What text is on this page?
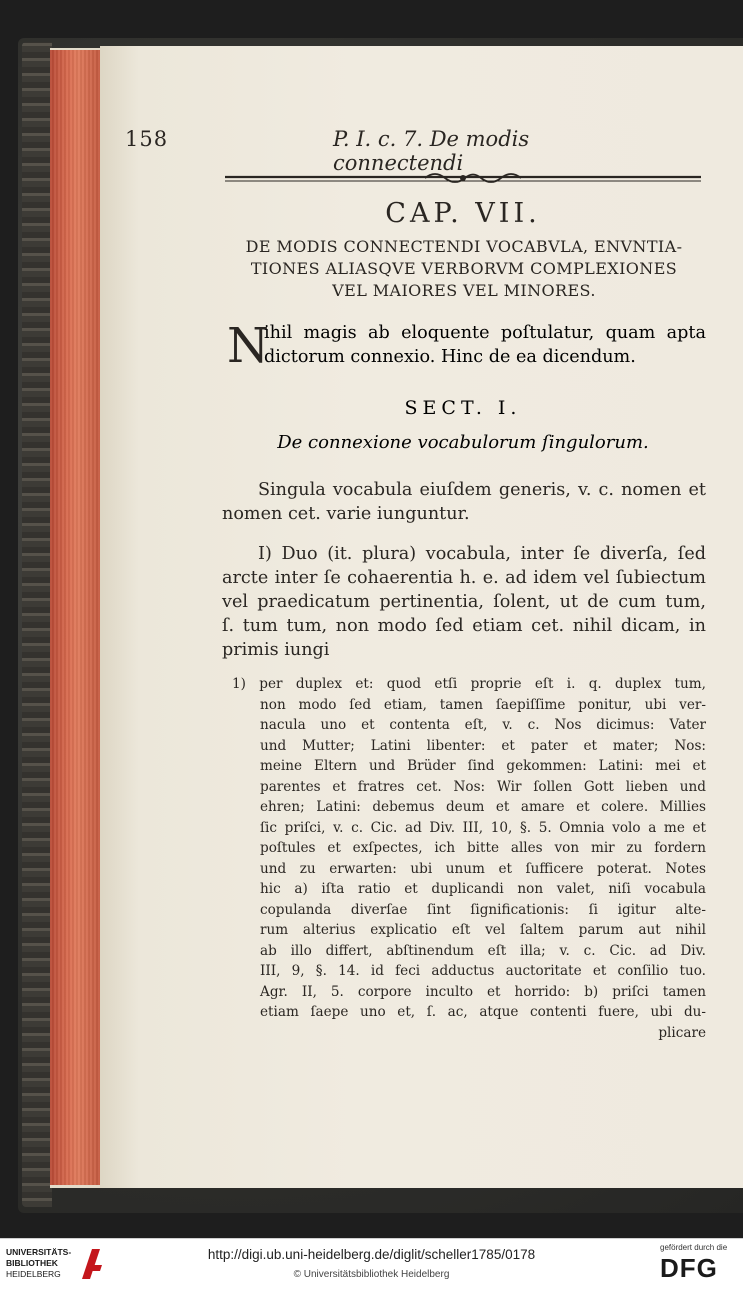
158	P. I. c. 7. De modis connectendi
CAP. VII.
DE MODIS CONNECTENDI VOCABVLA, ENVNTIA-
TIONES ALIASQVE VERBORVM COMPLEXIONES
VEL MAIORES VEL MINORES.
N
ihil magis ab eloquente poſtulatur, quam apta
dictorum connexio. Hinc de ea dicendum.
SECT. I.
De connexione vocabulorum ſingulorum.
Singula vocabula eiuſdem generis, v. c. nomen et
nomen cet. varie iunguntur.
I) Duo (it. plura) vocabula, inter ſe diverſa, ſed
arcte inter ſe cohaerentia h. e. ad idem vel ſubiectum
vel praedicatum pertinentia, ſolent, ut de cum tum,
ſ. tum tum, non modo ſed etiam cet. nihil dicam, in
primis iungi
1) per duplex et: quod etſi proprie eſt i. q. duplex tum,
non modo ſed etiam, tamen ſaepiſſime ponitur, ubi ver-
nacula uno et contenta eſt, v. c. Nos dicimus: Vater
und Mutter; Latini libenter: et pater et mater; Nos:
meine Eltern und Brüder ſind gekommen: Latini: mei et
parentes et fratres cet. Nos: Wir ſollen Gott lieben und
ehren; Latini: debemus deum et amare et colere. Millies
ſic priſci, v. c. Cic. ad Div. III, 10, §. 5. Omnia volo a me et
poſtules et exſpectes, ich bitte alles von mir zu fordern
und zu erwarten: ubi unum et ſufficere poterat. Notes
hic a) iſta ratio et duplicandi non valet, niſi vocabula
copulanda diverſae ſint ſignificationis: ſi igitur alte-
rum alterius explicatio eſt vel ſaltem parum aut nihil
ab illo differt, abſtinendum eſt illa; v. c. Cic. ad Div.
III, 9, §. 14. id feci adductus auctoritate et conſilio tuo.
Agr. II, 5. corpore inculto et horrido: b) priſci tamen
etiam ſaepe uno et, ſ. ac, atque contenti fuere, ubi du-
plicare
UNIVERSITÄTS-
BIBLIOTHEK
HEIDELBERG
http://digi.ub.uni-heidelberg.de/diglit/scheller1785/0178
© Universitätsbibliothek Heidelberg
gefördert durch die
DFG
